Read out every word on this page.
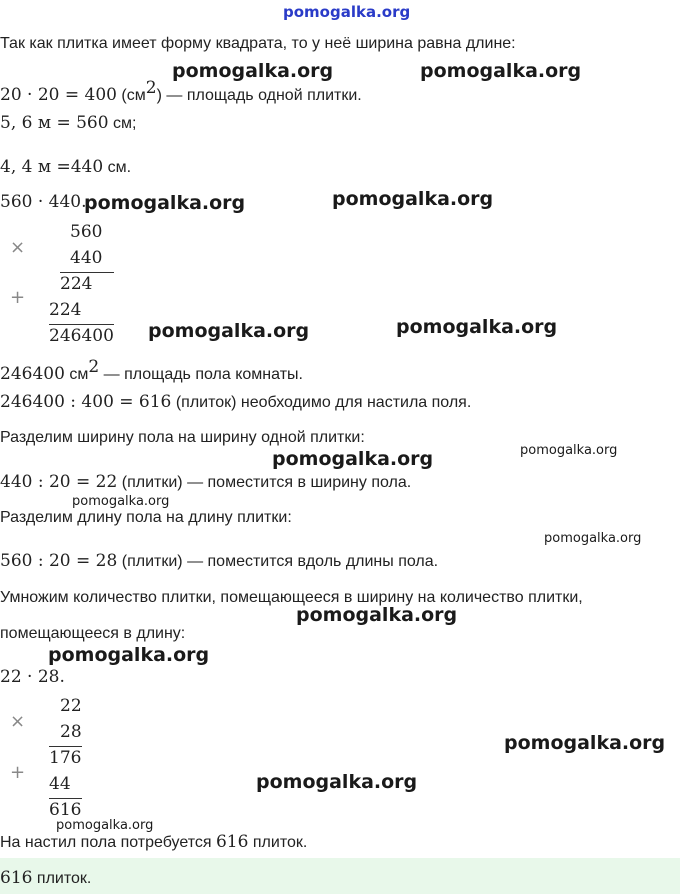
pomogalka.org
Так как плитка имеет форму квадрата, то у неё ширина равна длине:
20 · 20 = 400 $(см^2)$ — площадь одной плитки.
5, 6 м = 560 см;
4, 4 м =440 см.
560 · 440.
×
560
440
224
+
224
246400
246400 $см^2$ — площадь пола комнаты.
246400 : 400 = 616 (плиток) необходимо для настила поля.
Разделим ширину пола на ширину одной плитки:
440 : 20 = 22 (плитки) — поместится в ширину пола.
Разделим длину пола на длину плитки:
560 : 20 = 28 (плитки) — поместится вдоль длины пола.
Умножим количество плитки, помещающееся в ширину на количество плитки,
помещающееся в длину:
22 · 28.
×
22
28
176
+
44
616
На настил пола потребуется 616 плиток.
616 плиток.
pomogalka.org	pomogalka.org
pomogalka.org	pomogalka.org
pomogalka.org	pomogalka.org
pomogalka.org	pomogalka.org
pomogalka.org
pomogalka.org
pomogalka.org
pomogalka.org
pomogalka.org
pomogalka.org
pomogalka.org
